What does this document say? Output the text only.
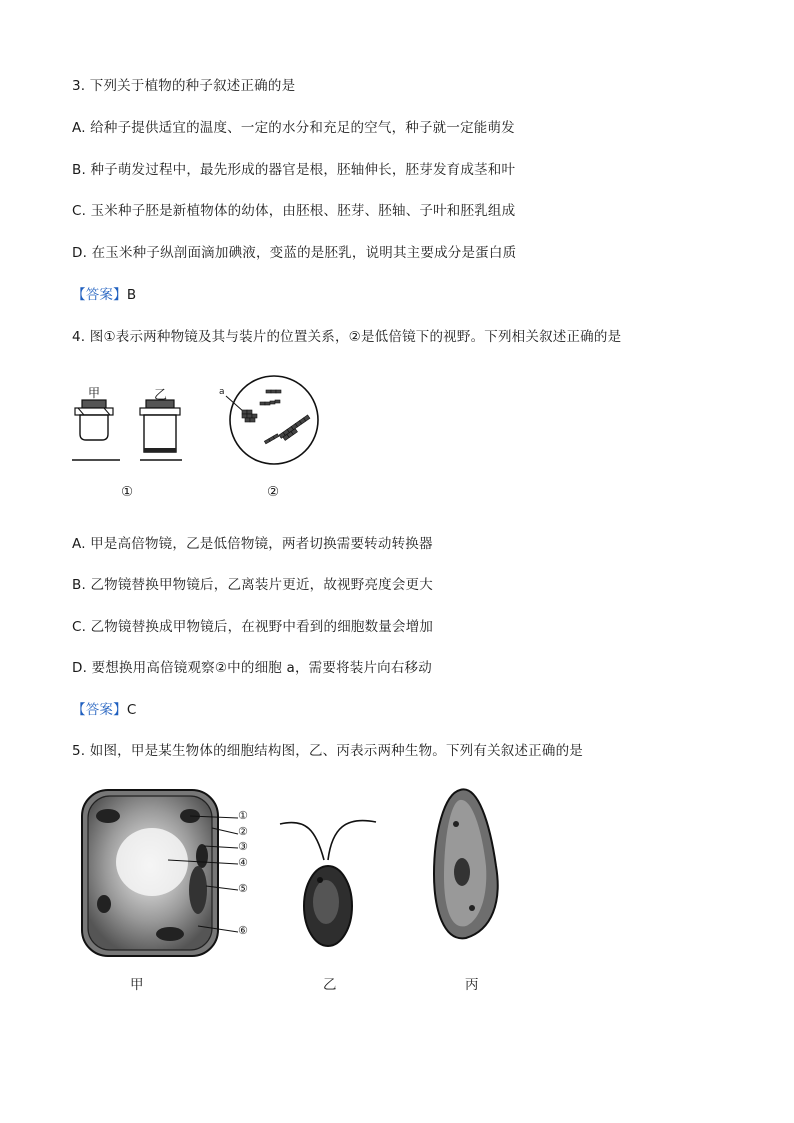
3. 下列关于植物的种子叙述正确的是
A. 给种子提供适宜的温度、一定的水分和充足的空气，种子就一定能萌发
B. 种子萌发过程中，最先形成的器官是根，胚轴伸长，胚芽发育成茎和叶
C. 玉米种子胚是新植物体的幼体，由胚根、胚芽、胚轴、子叶和胚乳组成
D. 在玉米种子纵剖面滴加碘液，变蓝的是胚乳，说明其主要成分是蛋白质
【答案】B
4. 图①表示两种物镜及其与装片的位置关系，②是低倍镜下的视野。下列相关叙述正确的是
甲	乙	a
①	②
A. 甲是高倍物镜，乙是低倍物镜，两者切换需要转动转换器
B. 乙物镜替换甲物镜后，乙离装片更近，故视野亮度会更大
C. 乙物镜替换成甲物镜后，在视野中看到的细胞数量会增加
D. 要想换用高倍镜观察②中的细胞 a，需要将装片向右移动
【答案】C
5. 如图，甲是某生物体的细胞结构图，乙、丙表示两种生物。下列有关叙述正确的是
①
②
③
④
⑤
⑥
甲	乙	丙
